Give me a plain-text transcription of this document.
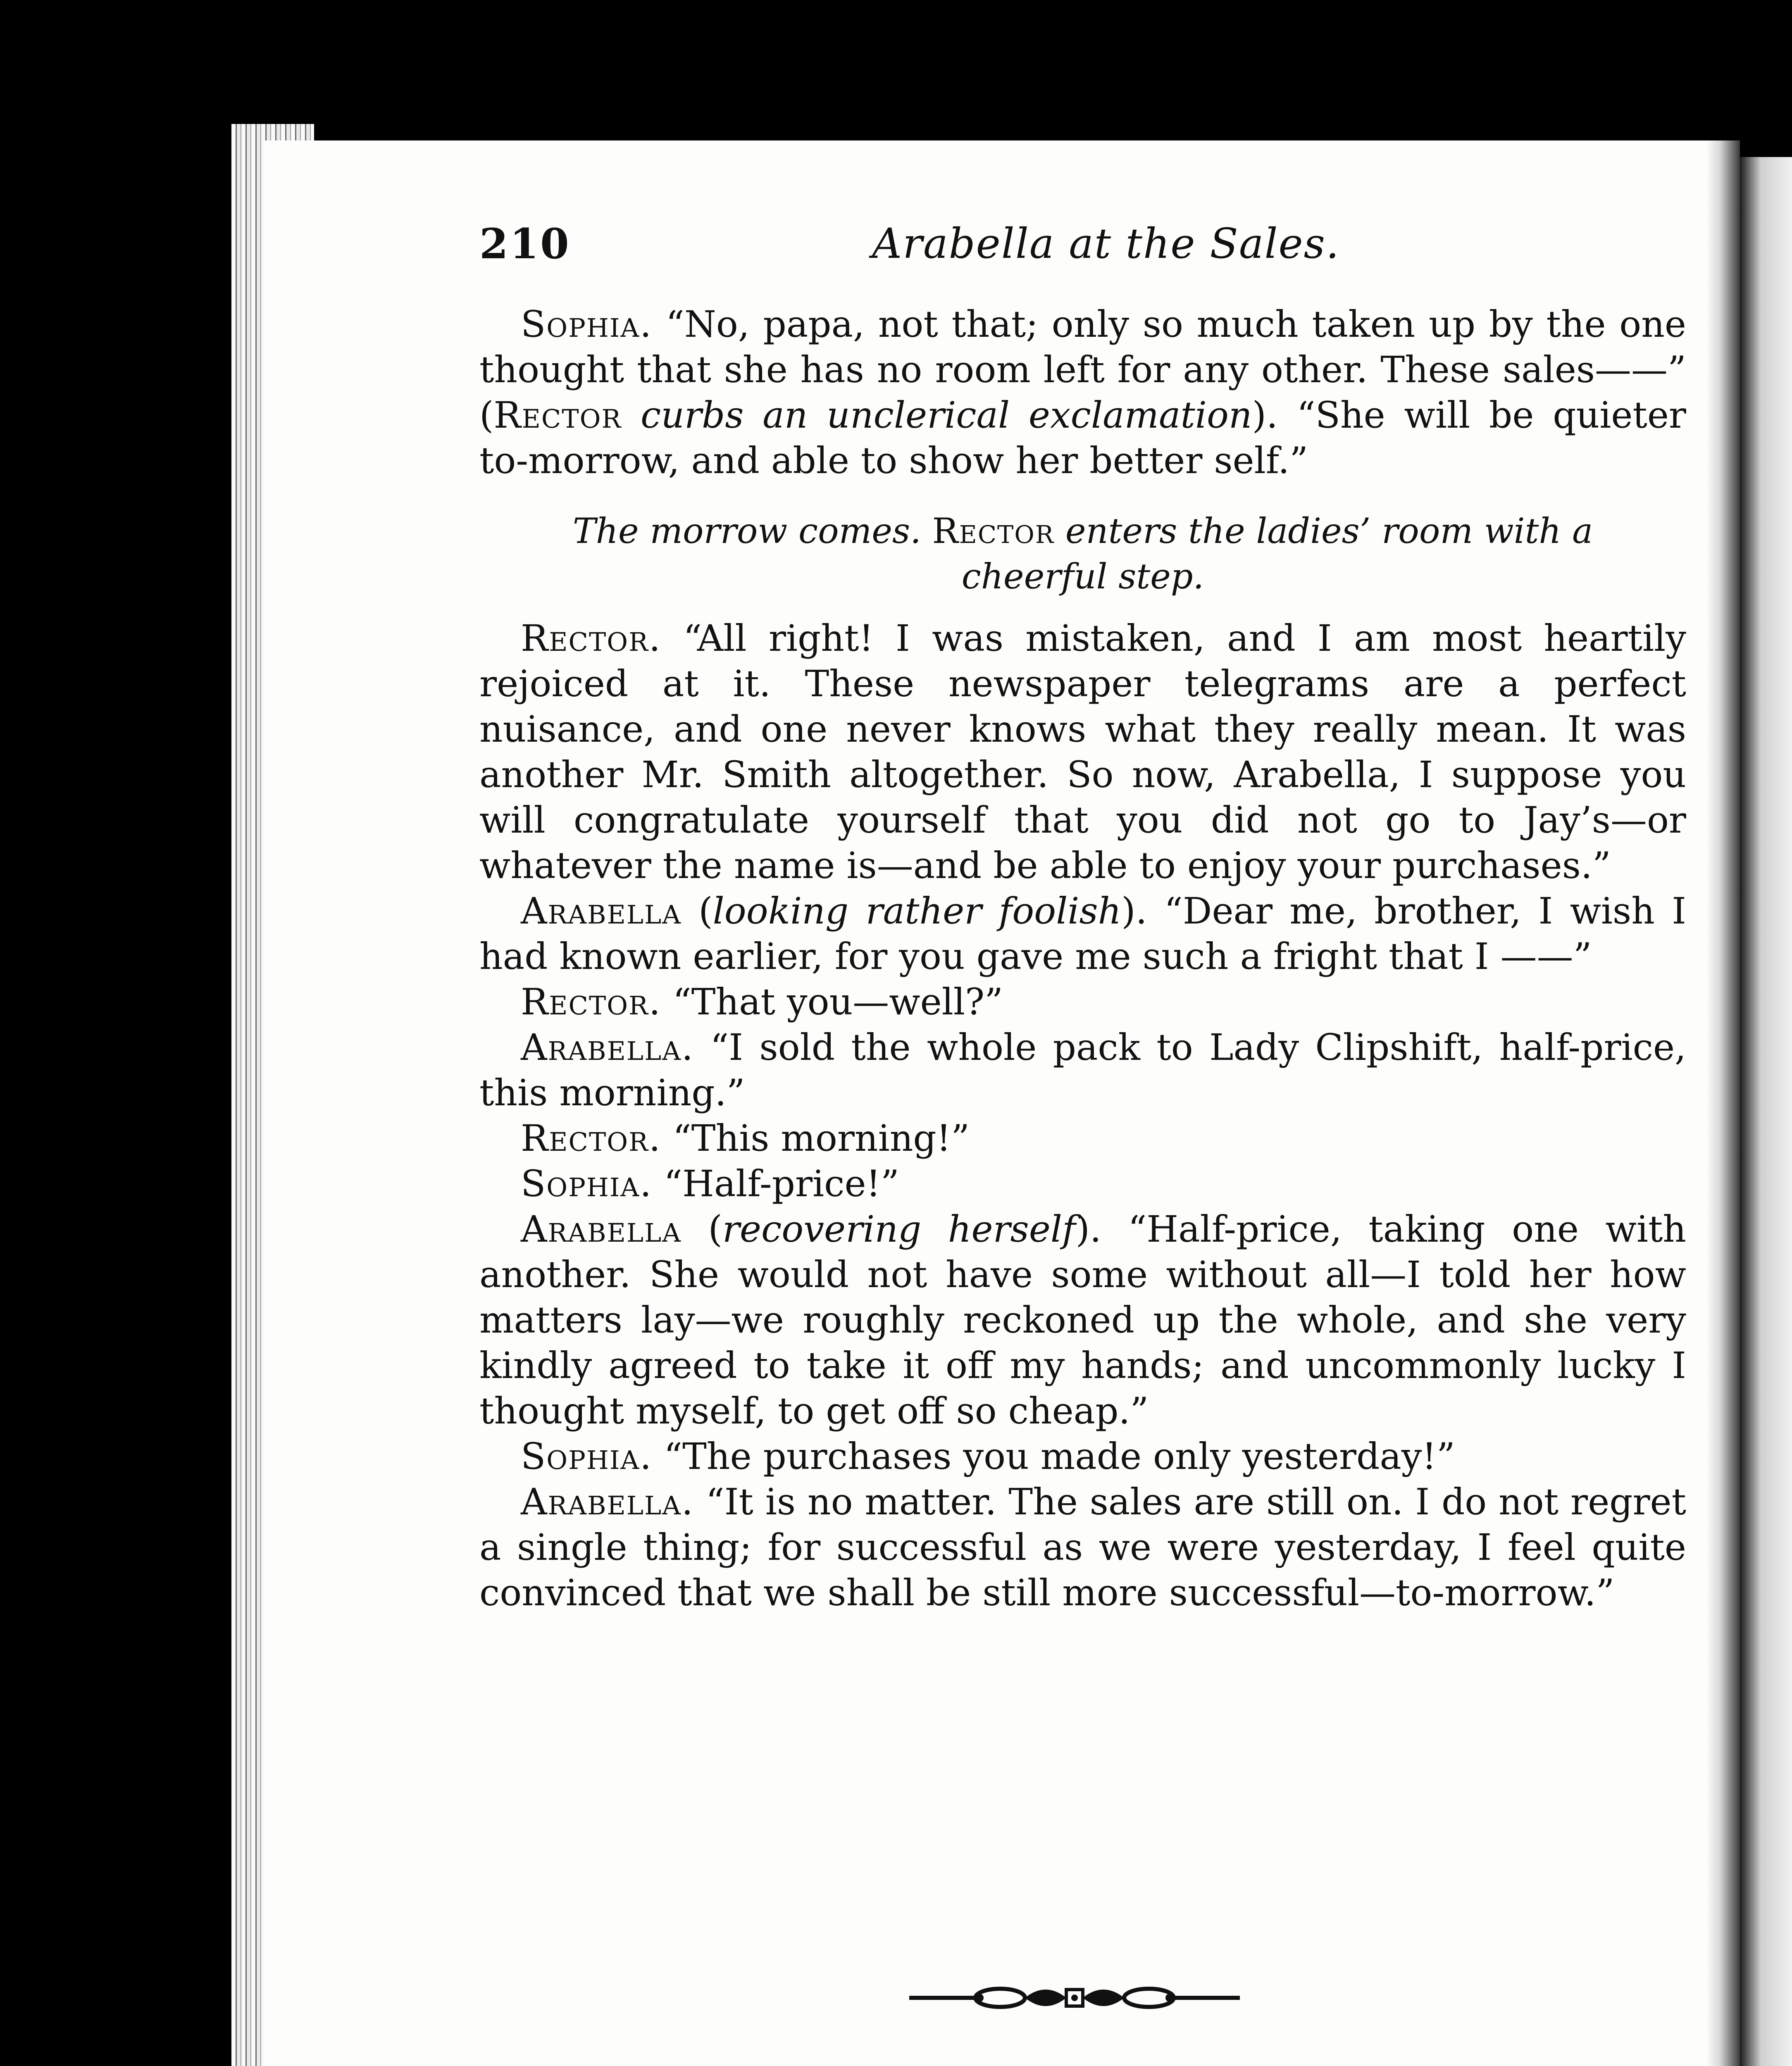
210	Arabella at the Sales.

Sophia. “No, papa, not that; only so much taken up by the one thought that she has no room left for any other. These sales——” (Rector curbs an unclerical exclamation). “She will be quieter to-morrow, and able to show her better self.”

The morrow comes. Rector enters the ladies’ room with a cheerful step.

Rector. “All right! I was mistaken, and I am most heartily rejoiced at it. These newspaper telegrams are a perfect nuisance, and one never knows what they really mean. It was another Mr. Smith altogether. So now, Arabella, I suppose you will congratulate yourself that you did not go to Jay’s—or whatever the name is—and be able to enjoy your purchases.”

Arabella (looking rather foolish). “Dear me, brother, I wish I had known earlier, for you gave me such a fright that I ——”

Rector. “That you—well?”

Arabella. “I sold the whole pack to Lady Clipshift, half-price, this morning.”

Rector. “This morning!”

Sophia. “Half-price!”

Arabella (recovering herself). “Half-price, taking one with another. She would not have some without all—I told her how matters lay—we roughly reckoned up the whole, and she very kindly agreed to take it off my hands; and uncommonly lucky I thought myself, to get off so cheap.”

Sophia. “The purchases you made only yesterday!”

Arabella. “It is no matter. The sales are still on. I do not regret a single thing; for successful as we were yesterday, I feel quite convinced that we shall be still more successful—to-morrow.”
